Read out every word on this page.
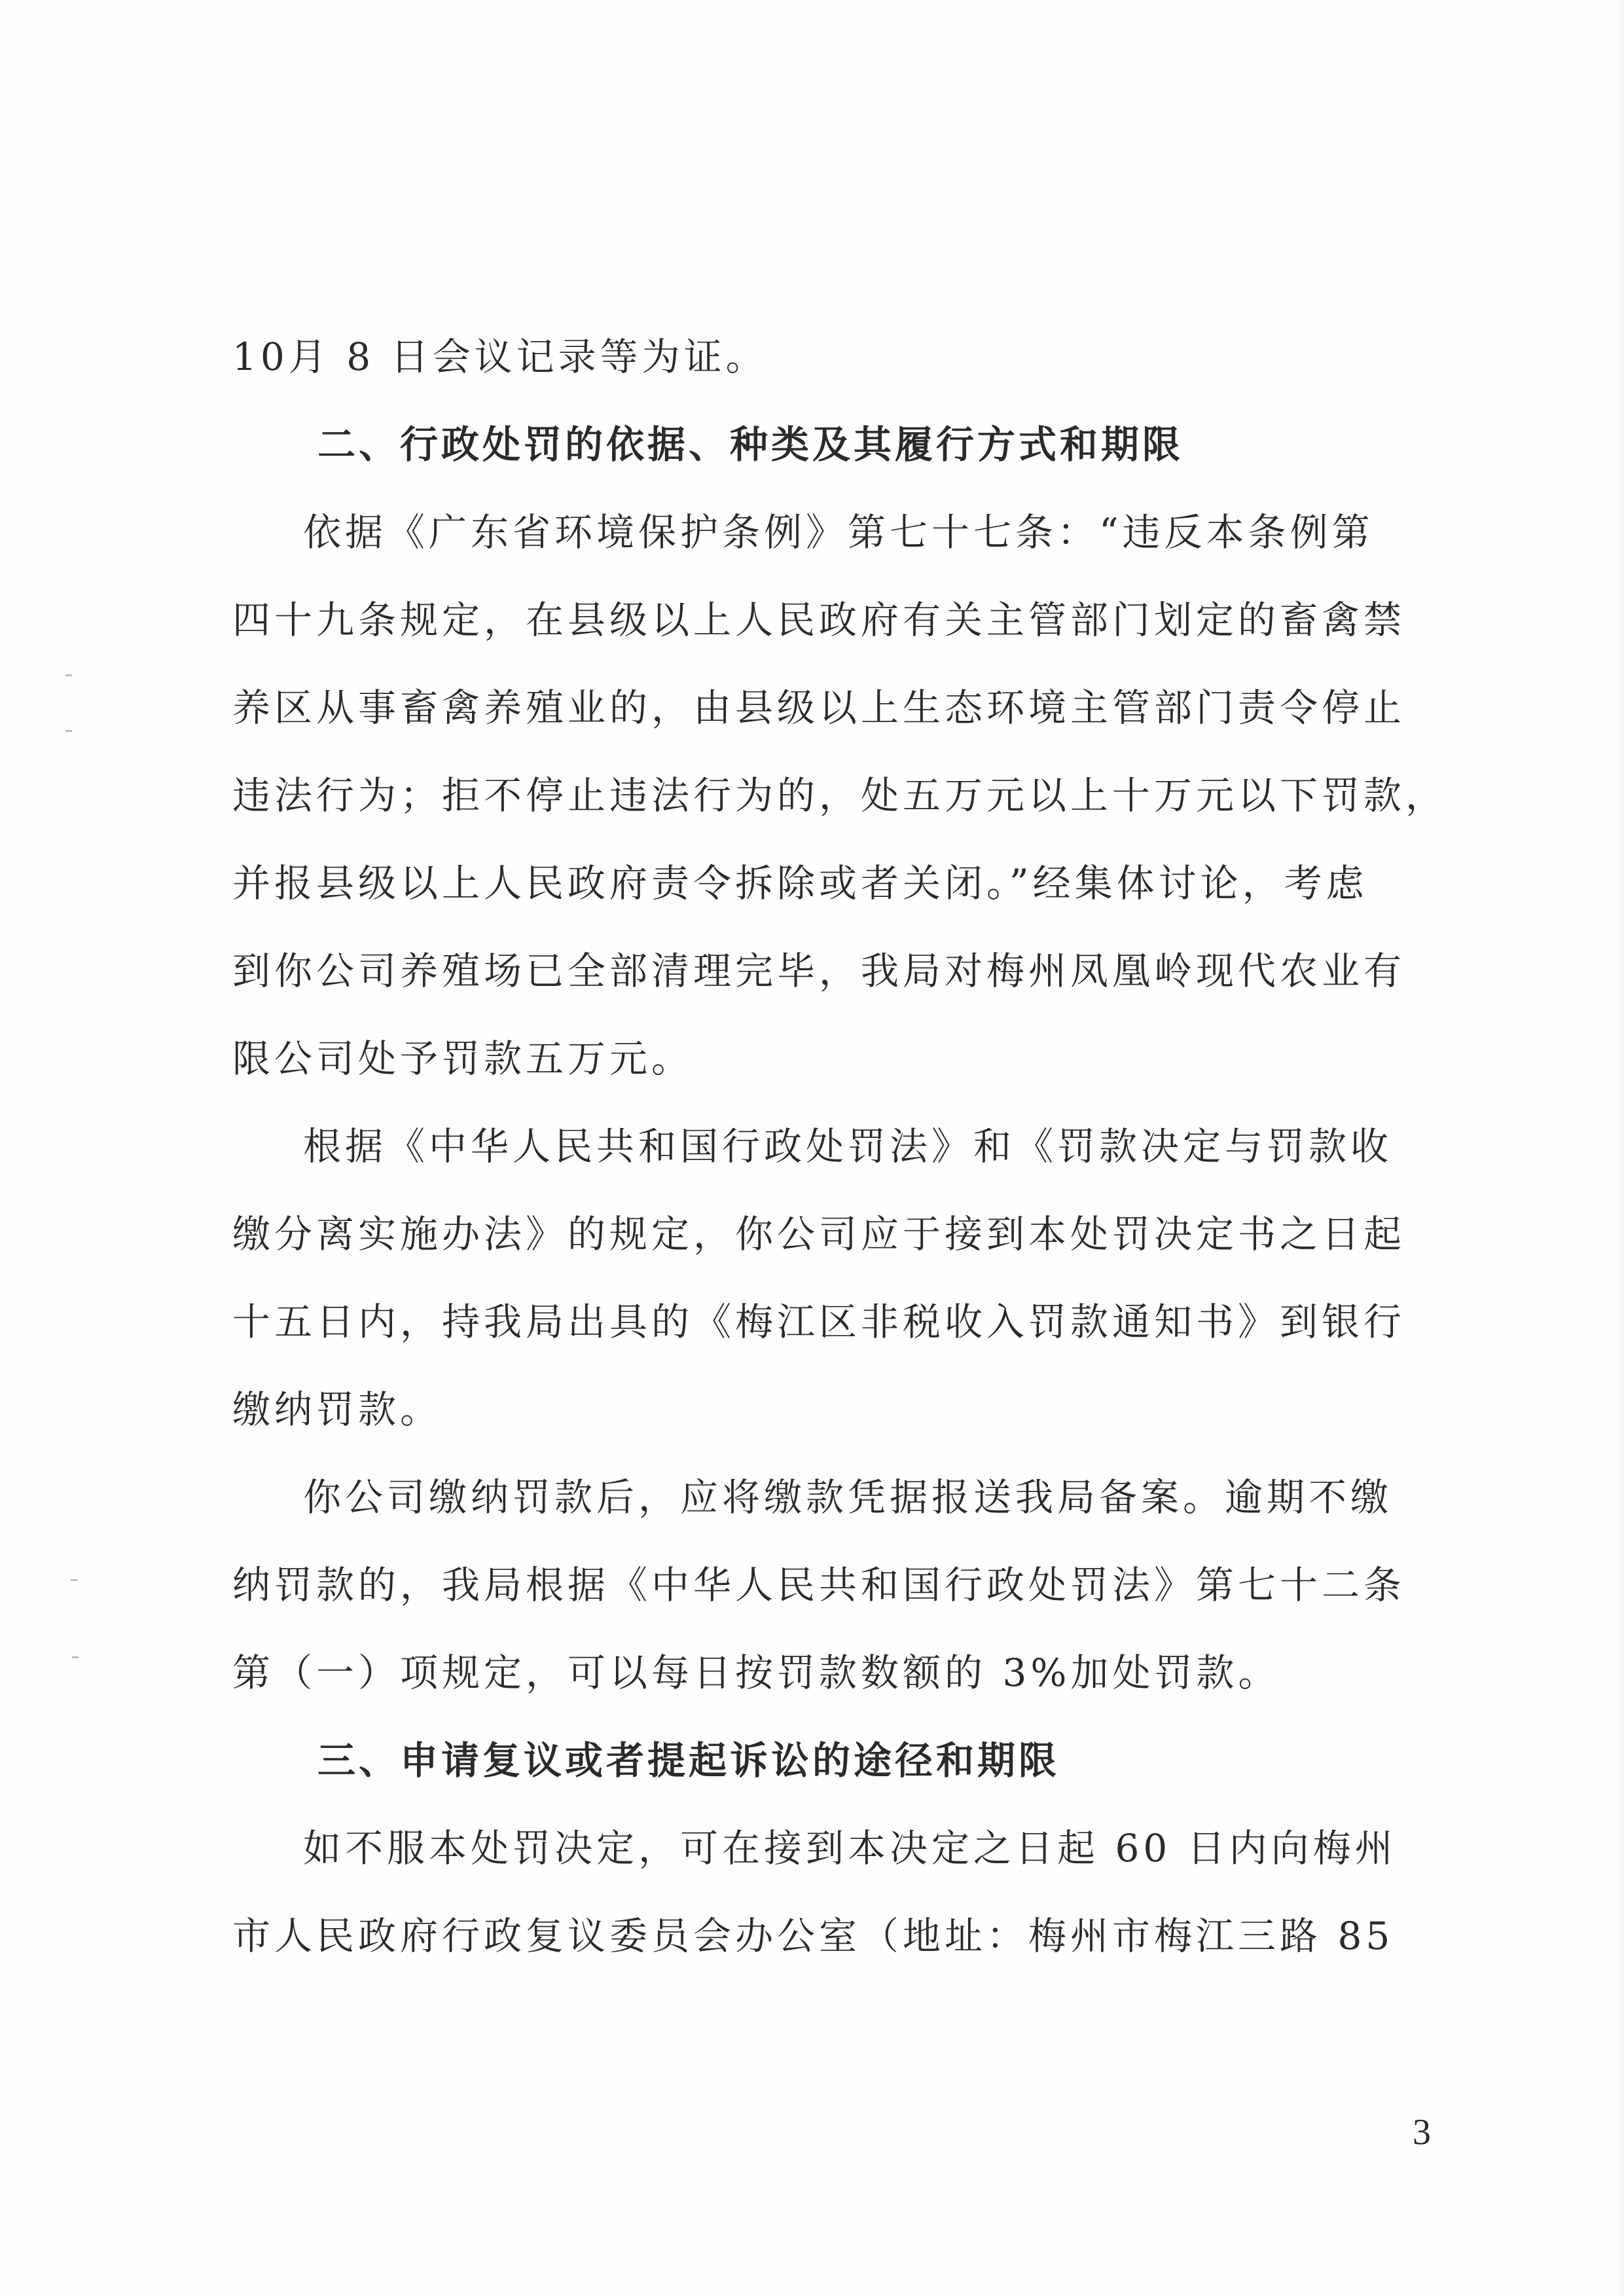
10月 8 日会议记录等为证。
二、行政处罚的依据、种类及其履行方式和期限
依据《广东省环境保护条例》第七十七条：“违反本条例第
四十九条规定，在县级以上人民政府有关主管部门划定的畜禽禁
养区从事畜禽养殖业的，由县级以上生态环境主管部门责令停止
违法行为；拒不停止违法行为的，处五万元以上十万元以下罚款，
并报县级以上人民政府责令拆除或者关闭。”经集体讨论，考虑
到你公司养殖场已全部清理完毕，我局对梅州凤凰岭现代农业有
限公司处予罚款五万元。
根据《中华人民共和国行政处罚法》和《罚款决定与罚款收
缴分离实施办法》的规定，你公司应于接到本处罚决定书之日起
十五日内，持我局出具的《梅江区非税收入罚款通知书》到银行
缴纳罚款。
你公司缴纳罚款后，应将缴款凭据报送我局备案。逾期不缴
纳罚款的，我局根据《中华人民共和国行政处罚法》第七十二条
第（一）项规定，可以每日按罚款数额的 3%加处罚款。
三、申请复议或者提起诉讼的途径和期限
如不服本处罚决定，可在接到本决定之日起 60 日内向梅州
市人民政府行政复议委员会办公室（地址：梅州市梅江三路 85
3
